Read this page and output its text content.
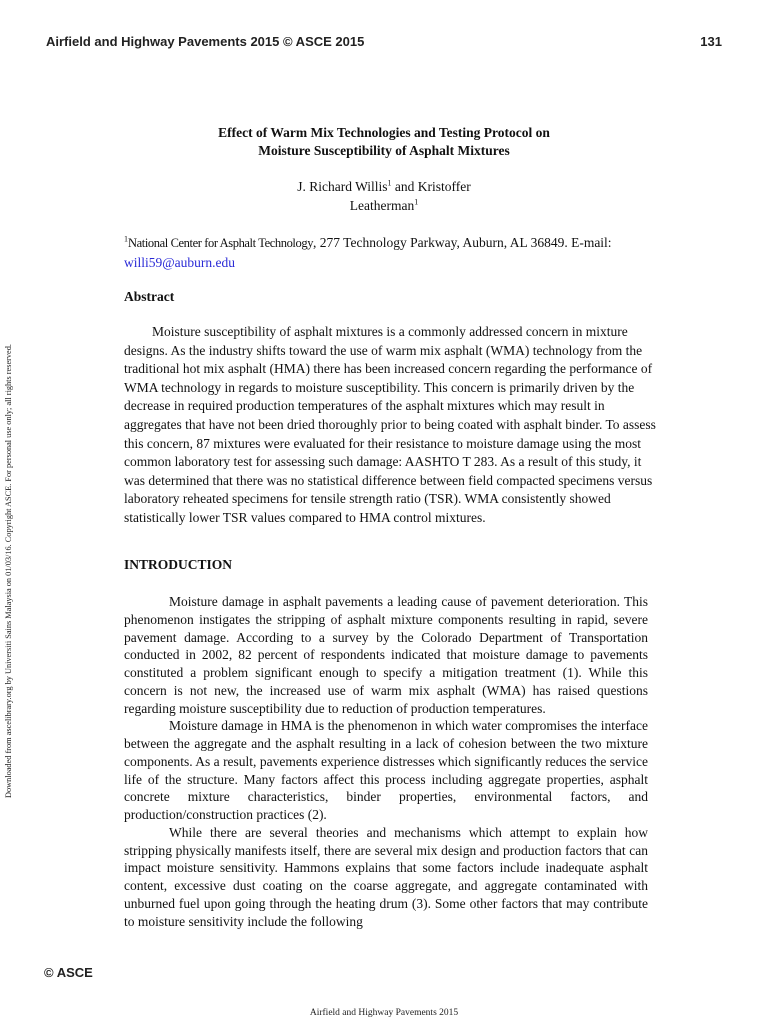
Airfield and Highway Pavements 2015 © ASCE 2015	131
Downloaded from ascelibrary.org by Universiti Sains Malaysia on 01/03/16. Copyright ASCE. For personal use only; all rights reserved.
Effect of Warm Mix Technologies and Testing Protocol on
Moisture Susceptibility of Asphalt Mixtures
J. Richard Willis$^1$ and Kristoffer
Leatherman$^1$
$^1$National Center for Asphalt Technology, 277 Technology Parkway, Auburn, AL 36849. E-mail: willi59@auburn.edu
Abstract
Moisture susceptibility of asphalt mixtures is a commonly addressed concern in mixture designs. As the industry shifts toward the use of warm mix asphalt (WMA) technology from the traditional hot mix asphalt (HMA) there has been increased concern regarding the performance of WMA technology in regards to moisture susceptibility. This concern is primarily driven by the decrease in required production temperatures of the asphalt mixtures which may result in aggregates that have not been dried thoroughly prior to being coated with asphalt binder. To assess this concern, 87 mixtures were evaluated for their resistance to moisture damage using the most common laboratory test for assessing such damage: AASHTO T 283. As a result of this study, it was determined that there was no statistical difference between field compacted specimens versus laboratory reheated specimens for tensile strength ratio (TSR). WMA consistently showed statistically lower TSR values compared to HMA control mixtures.
INTRODUCTION

Moisture damage in asphalt pavements a leading cause of pavement deterioration. This phenomenon instigates the stripping of asphalt mixture components resulting in rapid, severe pavement damage. According to a survey by the Colorado Department of Transportation conducted in 2002, 82 percent of respondents indicated that moisture damage to pavements constituted a problem significant enough to specify a mitigation treatment (1). While this concern is not new, the increased use of warm mix asphalt (WMA) has raised questions regarding moisture susceptibility due to reduction of production temperatures.

Moisture damage in HMA is the phenomenon in which water compromises the interface between the aggregate and the asphalt resulting in a lack of cohesion between the two mixture components. As a result, pavements experience distresses which significantly reduces the service life of the structure. Many factors affect this process including aggregate properties, asphalt concrete mixture characteristics, binder properties, environmental factors, and production/construction practices (2).

While there are several theories and mechanisms which attempt to explain how stripping physically manifests itself, there are several mix design and production factors that can impact moisture sensitivity. Hammons explains that some factors include inadequate asphalt content, excessive dust coating on the coarse aggregate, and aggregate contaminated with unburned fuel upon going through the heating drum (3). Some other factors that may contribute to moisture sensitivity include the following

© ASCE
Airfield and Highway Pavements 2015
